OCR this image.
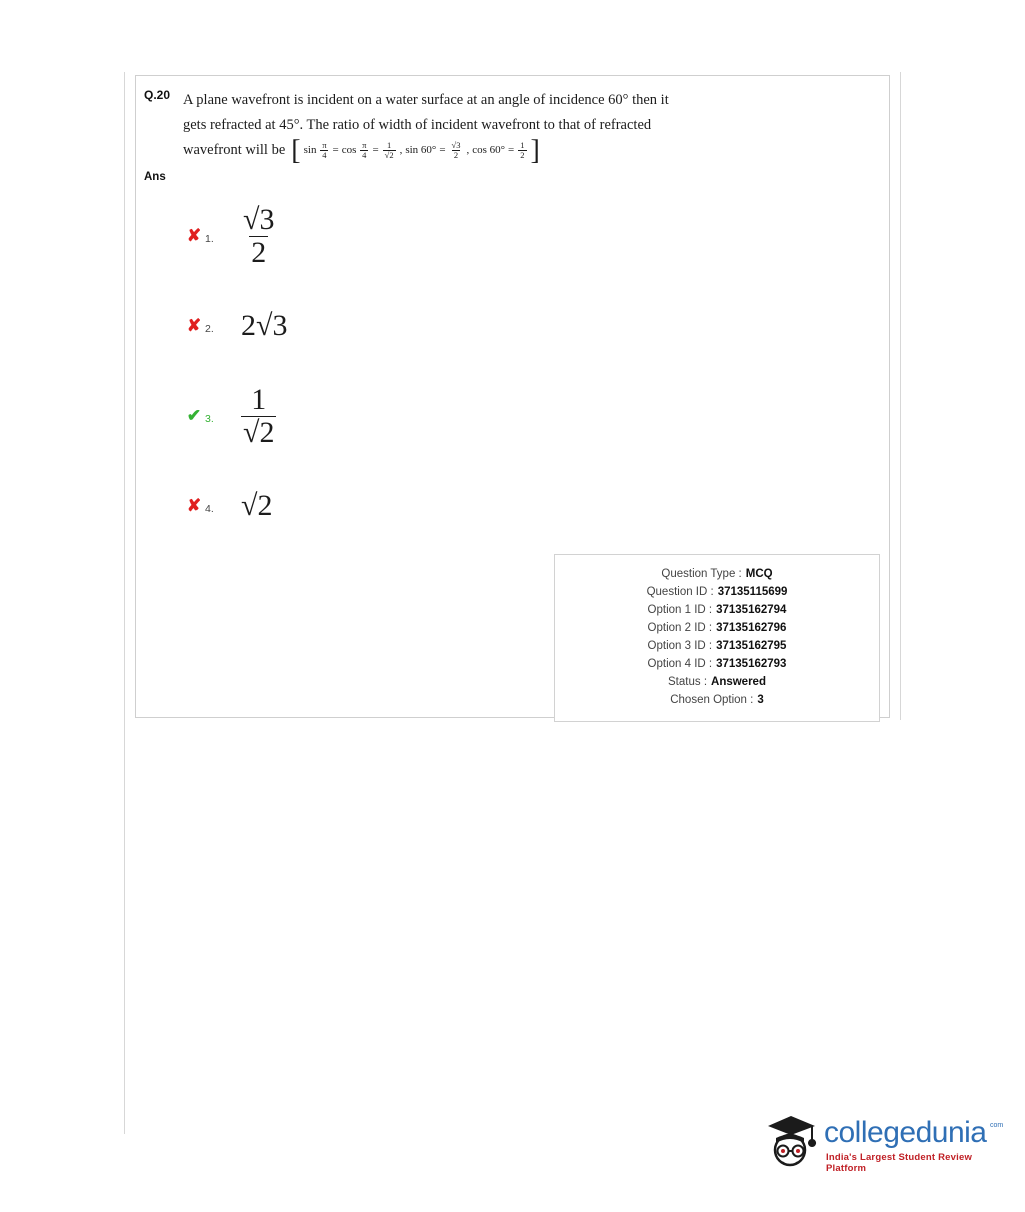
Q.20
Ans
A plane wavefront is incident on a water surface at an angle of incidence 60° then it
gets refracted at 45°. The ratio of width of incident wavefront to that of refracted
wavefront will be [ $\sin \frac{\pi}{4} = \cos \frac{\pi}{4} = \frac{1}{√2}$ , $\sin 60^\circ = \frac{√3}{2}$ , $\cos 60^\circ = \frac{1}{2}$ ]
✘ 1. $\frac{√3}{2}$
✘ 2. 2√3
✔ 3. $\frac{1}{√2}$
✘ 4. √2
Question Type : MCQ
Question ID : 37135115699
Option 1 ID : 37135162794
Option 2 ID : 37135162796
Option 3 ID : 37135162795
Option 4 ID : 37135162793
Status : Answered
Chosen Option : 3
collegedunia com
India's Largest Student Review Platform
